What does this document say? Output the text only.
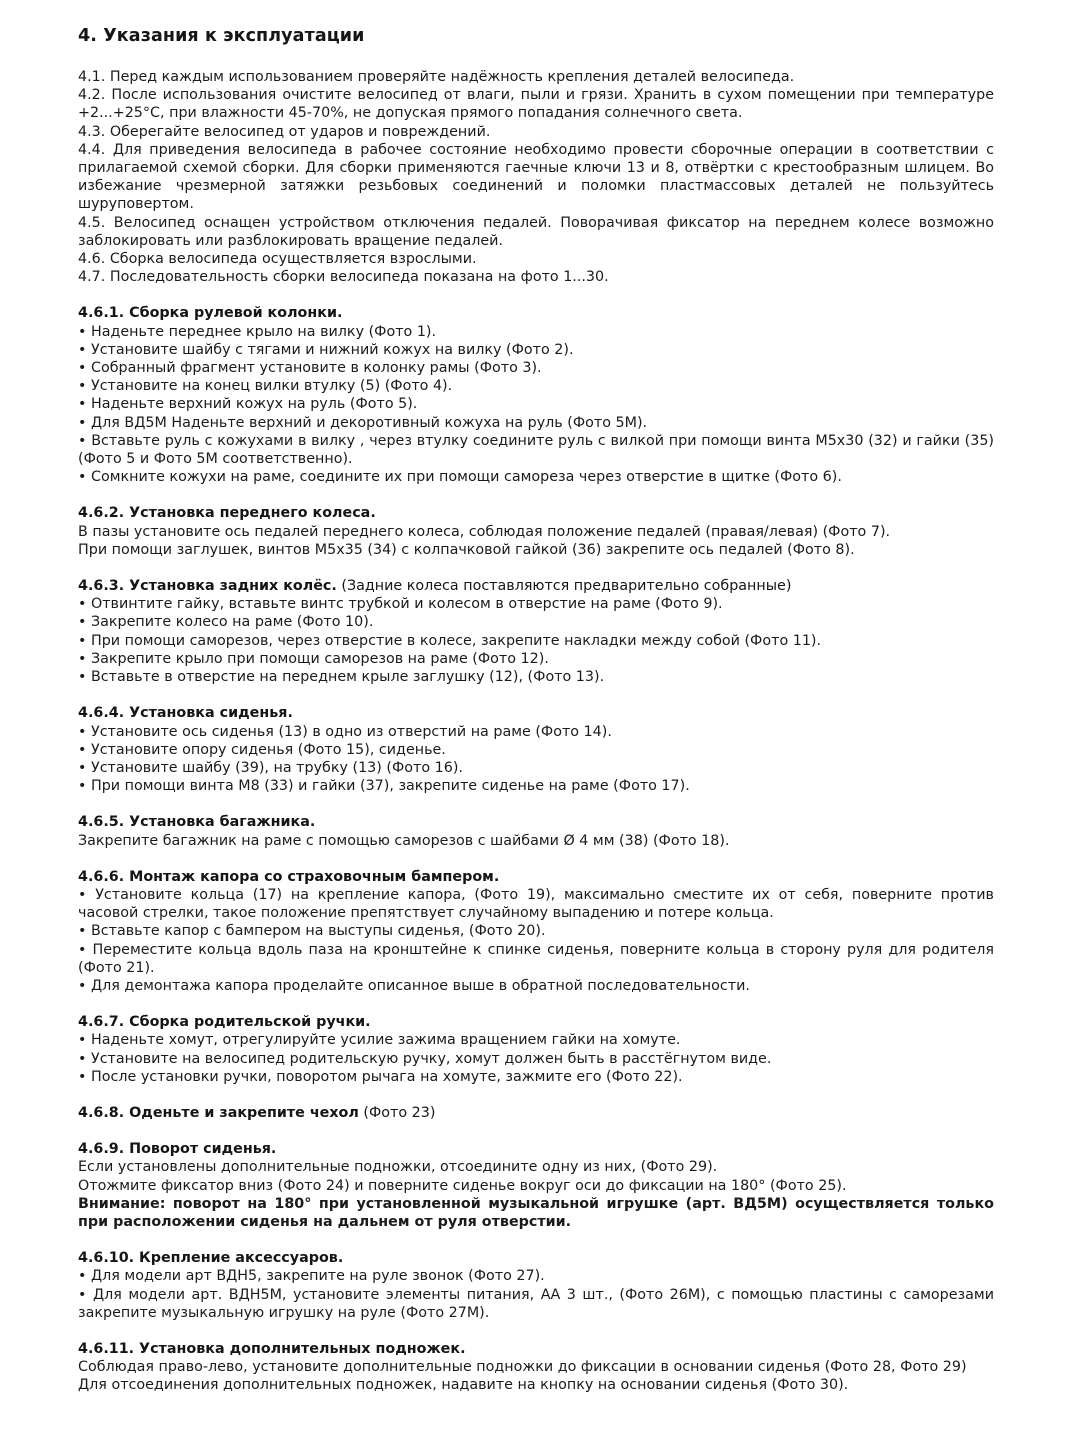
4. Указания к эксплуатации

4.1. Перед каждым использованием проверяйте надёжность крепления деталей велосипеда.

4.2. После использования очистите велосипед от влаги, пыли и грязи. Хранить в сухом помещении при температуре +2...+25°С, при влажности 45-70%, не допуская прямого попадания солнечного света.

4.3. Оберегайте велосипед от ударов и повреждений.

4.4. Для приведения велосипеда в рабочее состояние необходимо провести сборочные операции в соответствии с прилагаемой схемой сборки. Для сборки применяются гаечные ключи 13 и 8, отвёртки с крестообразным шлицем. Во избежание чрезмерной затяжки резьбовых соединений и поломки пластмассовых деталей не пользуйтесь шуруповертом.

4.5. Велосипед оснащен устройством отключения педалей. Поворачивая фиксатор на переднем колесе возможно заблокировать или разблокировать вращение педалей.

4.6. Сборка велосипеда осуществляется взрослыми.

4.7. Последовательность сборки велосипеда показана на фото 1...30.

4.6.1. Сборка рулевой колонки.

• Наденьте переднее крыло на вилку (Фото 1).

• Установите шайбу с тягами и нижний кожух на вилку (Фото 2).

• Собранный фрагмент установите в колонку рамы (Фото 3).

• Установите на конец вилки втулку (5) (Фото 4).

• Наденьте верхний кожух на руль (Фото 5).

• Для ВД5М Наденьте верхний и декоротивный кожуха на руль (Фото 5М).

• Вставьте руль с кожухами в вилку , через втулку соедините руль с вилкой при помощи винта М5х30 (32) и гайки (35) (Фото 5 и Фото 5М соответственно).

• Сомкните кожухи на раме, соедините их при помощи самореза через отверстие в щитке (Фото 6).

4.6.2. Установка переднего колеса.

В пазы установите ось педалей переднего колеса, соблюдая положение педалей (правая/левая) (Фото 7).

При помощи заглушек, винтов М5х35 (34) с колпачковой гайкой (36) закрепите ось педалей (Фото 8).

4.6.3. Установка задних колёс. (Задние колеса поставляются предварительно собранные)

• Отвинтите гайку, вставьте винтс трубкой и колесом в отверстие на раме (Фото 9).

• Закрепите колесо на раме (Фото 10).

• При помощи саморезов, через отверстие в колесе, закрепите накладки между собой (Фото 11).

• Закрепите крыло при помощи саморезов на раме (Фото 12).

• Вставьте в отверстие на переднем крыле заглушку (12), (Фото 13).

4.6.4. Установка сиденья.

• Установите ось сиденья (13) в одно из отверстий на раме (Фото 14).

• Установите опору сиденья (Фото 15), сиденье.

• Установите шайбу (39), на трубку (13) (Фото 16).

• При помощи винта М8 (33) и гайки (37), закрепите сиденье на раме (Фото 17).

4.6.5. Установка багажника.

Закрепите багажник на раме с помощью саморезов с шайбами Ø 4 мм (38) (Фото 18).

4.6.6. Монтаж капора со страховочным бампером.

• Установите кольца (17) на крепление капора, (Фото 19), максимально сместите их от себя, поверните против часовой стрелки, такое положение препятствует случайному выпадению и потере кольца.

• Вставьте капор с бампером на выступы сиденья, (Фото 20).

• Переместите кольца вдоль паза на кронштейне к спинке сиденья, поверните кольца в сторону руля для родителя (Фото 21).

• Для демонтажа капора проделайте описанное выше в обратной последовательности.

4.6.7. Сборка родительской ручки.

• Наденьте хомут, отрегулируйте усилие зажима вращением гайки на хомуте.

• Установите на велосипед родительскую ручку, хомут должен быть в расстёгнутом виде.

• После установки ручки, поворотом рычага на хомуте, зажмите его (Фото 22).

4.6.8. Оденьте и закрепите чехол (Фото 23)

4.6.9. Поворот сиденья.

Если установлены дополнительные подножки, отсоедините одну из них, (Фото 29).

Отожмите фиксатор вниз (Фото 24) и поверните сиденье вокруг оси до фиксации на 180° (Фото 25).

Внимание: поворот на 180° при установленной музыкальной игрушке (арт. ВД5М) осуществляется только при расположении сиденья на дальнем от руля отверстии.

4.6.10. Крепление аксессуаров.

• Для модели арт ВДН5, закрепите на руле звонок (Фото 27).

• Для модели арт. ВДН5М, установите элементы питания, АА 3 шт., (Фото 26М), с помощью пластины с саморезами закрепите музыкальную игрушку на руле (Фото 27М).

4.6.11. Установка дополнительных подножек.

Соблюдая право-лево, установите дополнительные подножки до фиксации в основании сиденья (Фото 28, Фото 29)

Для отсоединения дополнительных подножек, надавите на кнопку на основании сиденья (Фото 30).
